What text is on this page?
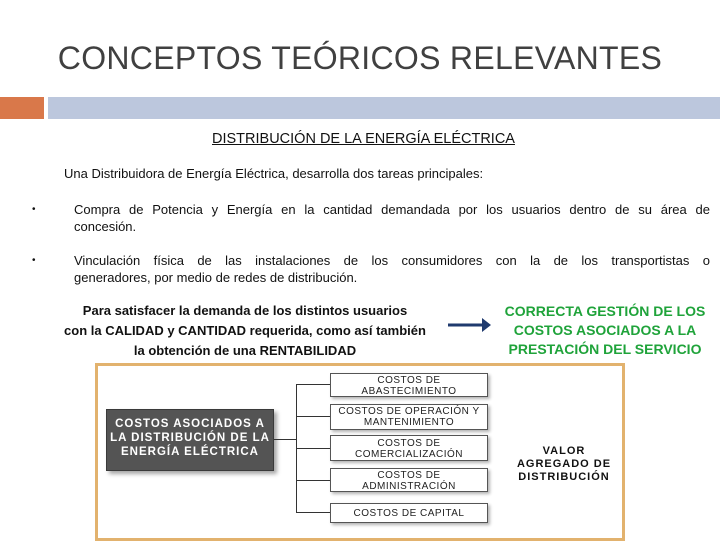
CONCEPTOS TEÓRICOS RELEVANTES
DISTRIBUCIÓN DE LA ENERGÍA ELÉCTRICA
Una Distribuidora de Energía Eléctrica, desarrolla dos tareas principales:
•	Compra de Potencia y Energía en la cantidad demandada por los usuarios dentro de su área de
concesión.
•	Vinculación física de las instalaciones de los consumidores con la de los transportistas o
generadores, por medio de redes de distribución.
Para satisfacer la demanda de los distintos usuarios
con la CALIDAD y CANTIDAD requerida, como así también
la obtención de una RENTABILIDAD
CORRECTA GESTIÓN DE LOS
COSTOS ASOCIADOS A LA
PRESTACIÓN DEL SERVICIO
COSTOS ASOCIADOS A
LA DISTRIBUCIÓN DE LA
ENERGÍA ELÉCTRICA
COSTOS DE
ABASTECIMIENTO
COSTOS DE OPERACIÓN Y
MANTENIMIENTO
COSTOS DE
COMERCIALIZACIÓN
COSTOS DE
ADMINISTRACIÓN
COSTOS DE CAPITAL
VALOR
AGREGADO DE
DISTRIBUCIÓN
